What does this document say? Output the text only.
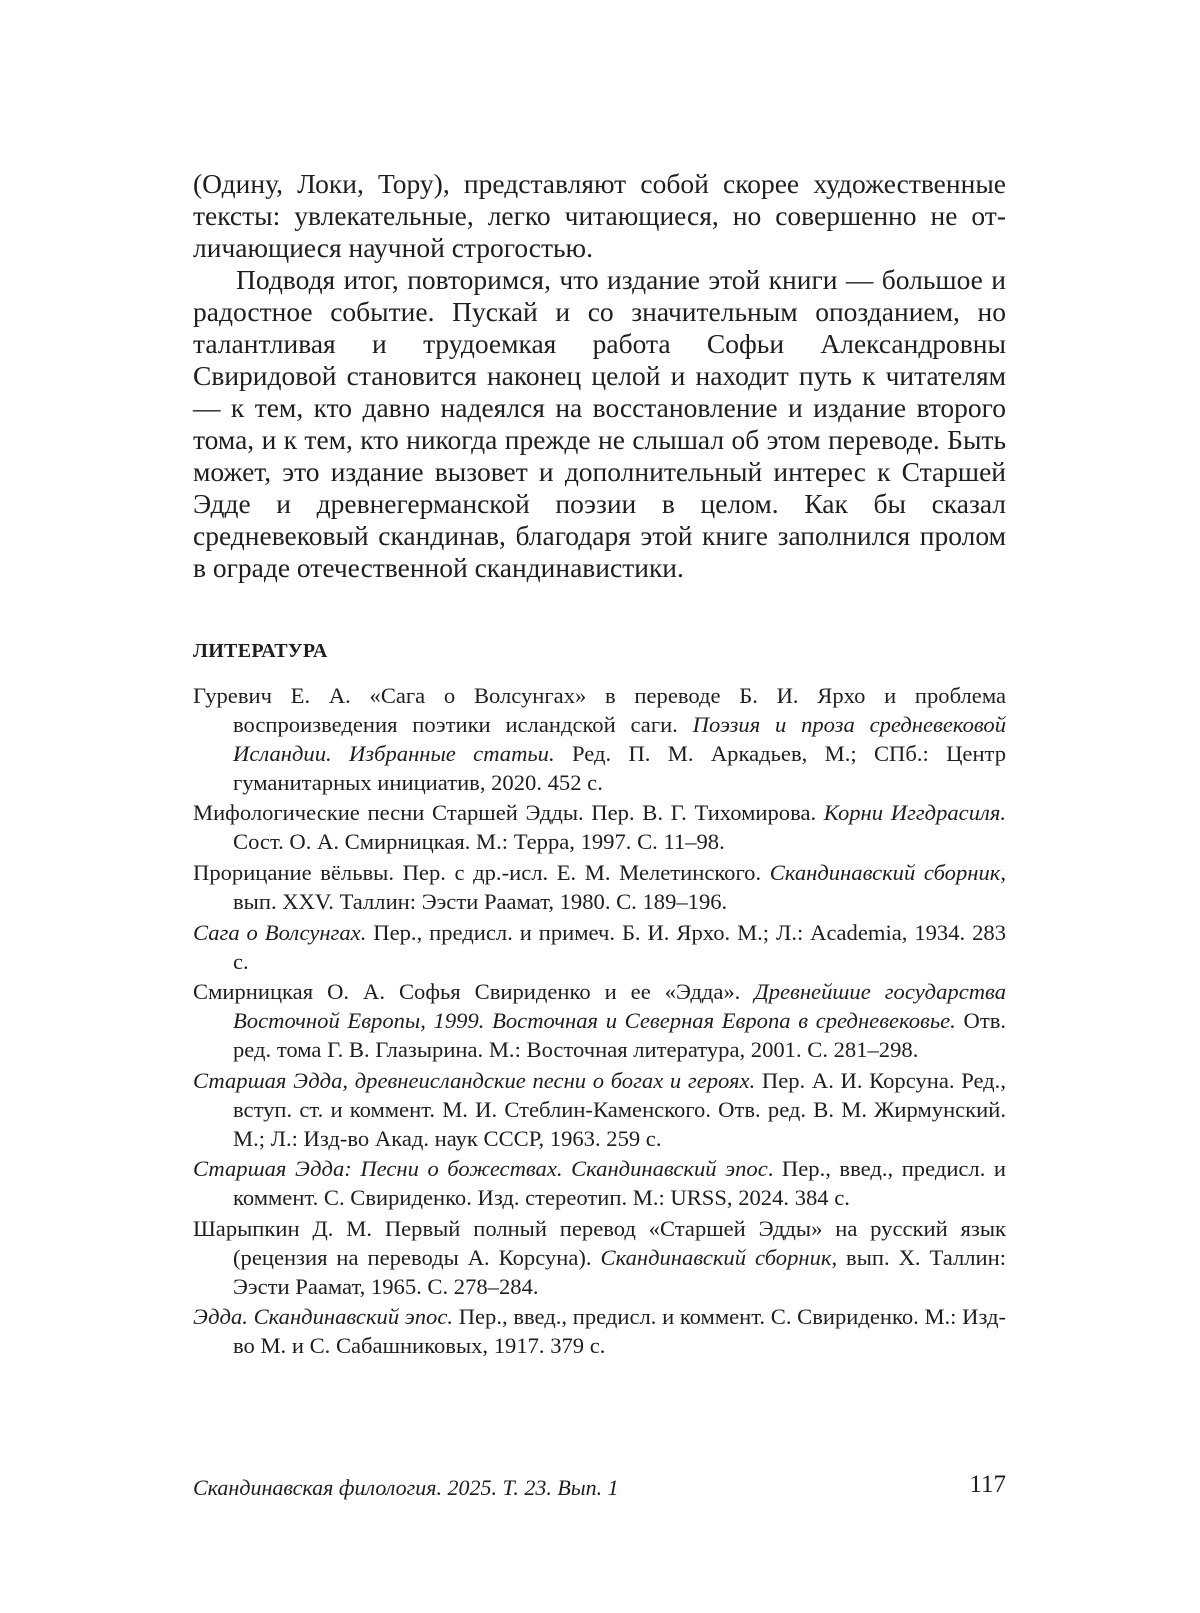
(Одину, Локи, Тору), представляют собой скорее художественные тексты: увлекательные, легко читающиеся, но совершенно не отличающиеся научной строгостью.

Подводя итог, повторимся, что издание этой книги — большое и радостное событие. Пускай и со значительным опозданием, но талантливая и трудоемкая работа Софьи Александровны Свиридовой становится наконец целой и находит путь к читателям — к тем, кто давно надеялся на восстановление и издание второго тома, и к тем, кто никогда прежде не слышал об этом переводе. Быть может, это издание вызовет и дополнительный интерес к Старшей Эдде и древнегерманской поэзии в целом. Как бы сказал средневековый скандинав, благодаря этой книге заполнился пролом в ограде отечественной скандинавистики.

ЛИТЕРАТУРА

Гуревич Е. А. «Сага о Волсунгах» в переводе Б. И. Ярхо и проблема воспроизведения поэтики исландской саги. Поэзия и проза средневековой Исландии. Избранные статьи. Ред. П. М. Аркадьев, М.; СПб.: Центр гуманитарных инициатив, 2020. 452 с.

Мифологические песни Старшей Эдды. Пер. В. Г. Тихомирова. Корни Иггдрасиля. Сост. О. А. Смирницкая. М.: Терра, 1997. С. 11–98.

Прорицание вёльвы. Пер. с др.-исл. Е. М. Мелетинского. Скандинавский сборник, вып. XXV. Таллин: Ээсти Раамат, 1980. С. 189–196.

Сага о Волсунгах. Пер., предисл. и примеч. Б. И. Ярхо. М.; Л.: Academia, 1934. 283 с.

Смирницкая О. А. Софья Свириденко и ее «Эдда». Древнейшие государства Восточной Европы, 1999. Восточная и Северная Европа в средневековье. Отв. ред. тома Г. В. Глазырина. М.: Восточная литература, 2001. С. 281–298.

Старшая Эдда, древнеисландские песни о богах и героях. Пер. А. И. Корсуна. Ред., вступ. ст. и коммент. М. И. Стеблин-Каменского. Отв. ред. В. М. Жирмунский. М.; Л.: Изд-во Акад. наук СССР, 1963. 259 с.

Старшая Эдда: Песни о божествах. Скандинавский эпос. Пер., введ., предисл. и коммент. С. Свириденко. Изд. стереотип. М.: URSS, 2024. 384 с.

Шарыпкин Д. М. Первый полный перевод «Старшей Эдды» на русский язык (рецензия на переводы А. Корсуна). Скандинавский сборник, вып. X. Таллин: Ээсти Раамат, 1965. С. 278–284.

Эдда. Скандинавский эпос. Пер., введ., предисл. и коммент. С. Свириденко. М.: Изд-во М. и С. Сабашниковых, 1917. 379 с.

Скандинавская филология. 2025. Т. 23. Вып. 1	117
